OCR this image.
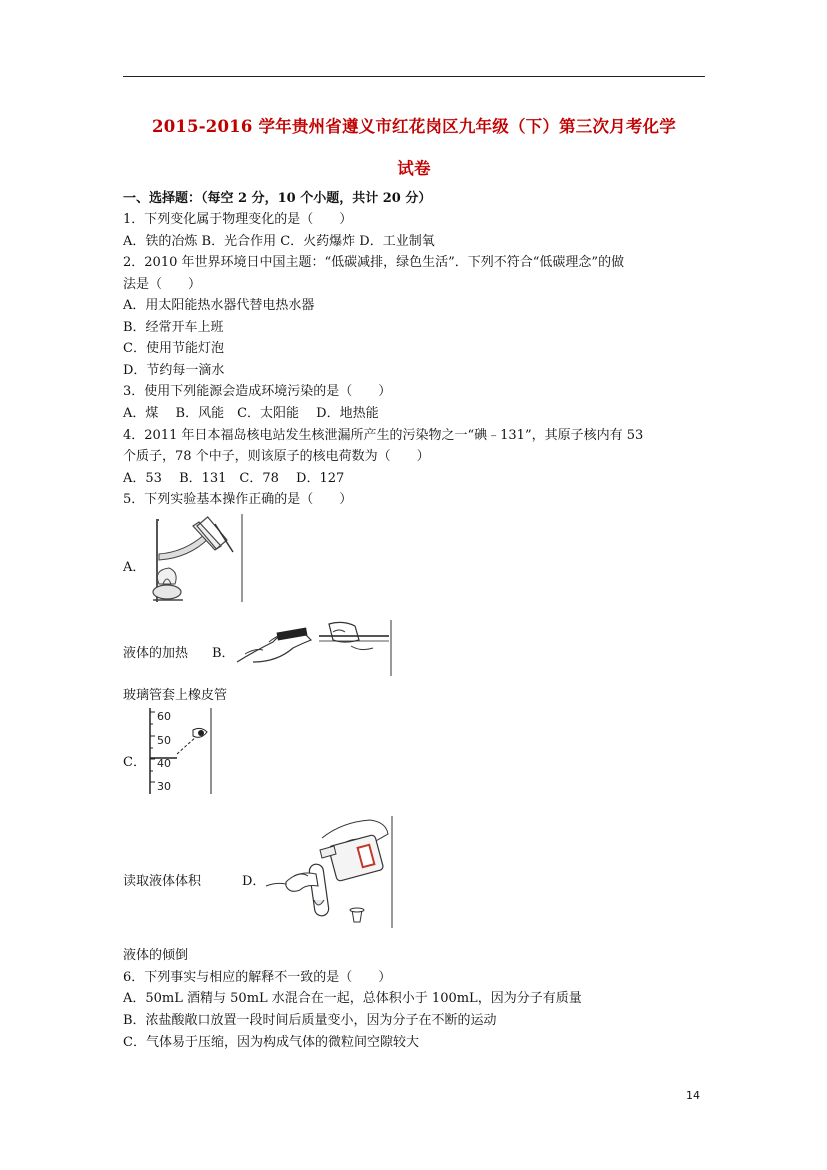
2015-2016 学年贵州省遵义市红花岗区九年级（下）第三次月考化学
试卷
一、选择题：（每空 2 分，10 个小题，共计 20 分）
1．下列变化属于物理变化的是（　　）
A．铁的冶炼 B．光合作用 C．火药爆炸 D．工业制氧
2．2010 年世界环境日中国主题：“低碳减排，绿色生活”．下列不符合“低碳理念”的做
法是（　　）
A．用太阳能热水器代替电热水器
B．经常开车上班
C．使用节能灯泡
D．节约每一滴水
3．使用下列能源会造成环境污染的是（　　）
A．煤　 B．风能　C．太阳能　 D．地热能
4．2011 年日本福岛核电站发生核泄漏所产生的污染物之一“碘﹣131”，其原子核内有 53
个质子，78 个中子，则该原子的核电荷数为（　　）
A．53　 B．131　C．78　 D．127
5．下列实验基本操作正确的是（　　）
A．
液体的加热 B．
玻璃管套上橡皮管
C．
60
50
40
30
读取液体体积	D．
液体的倾倒
6．下列事实与相应的解释不一致的是（　　）
A．50mL 酒精与 50mL 水混合在一起，总体积小于 100mL，因为分子有质量
B．浓盐酸敞口放置一段时间后质量变小，因为分子在不断的运动
C．气体易于压缩，因为构成气体的微粒间空隙较大
14
